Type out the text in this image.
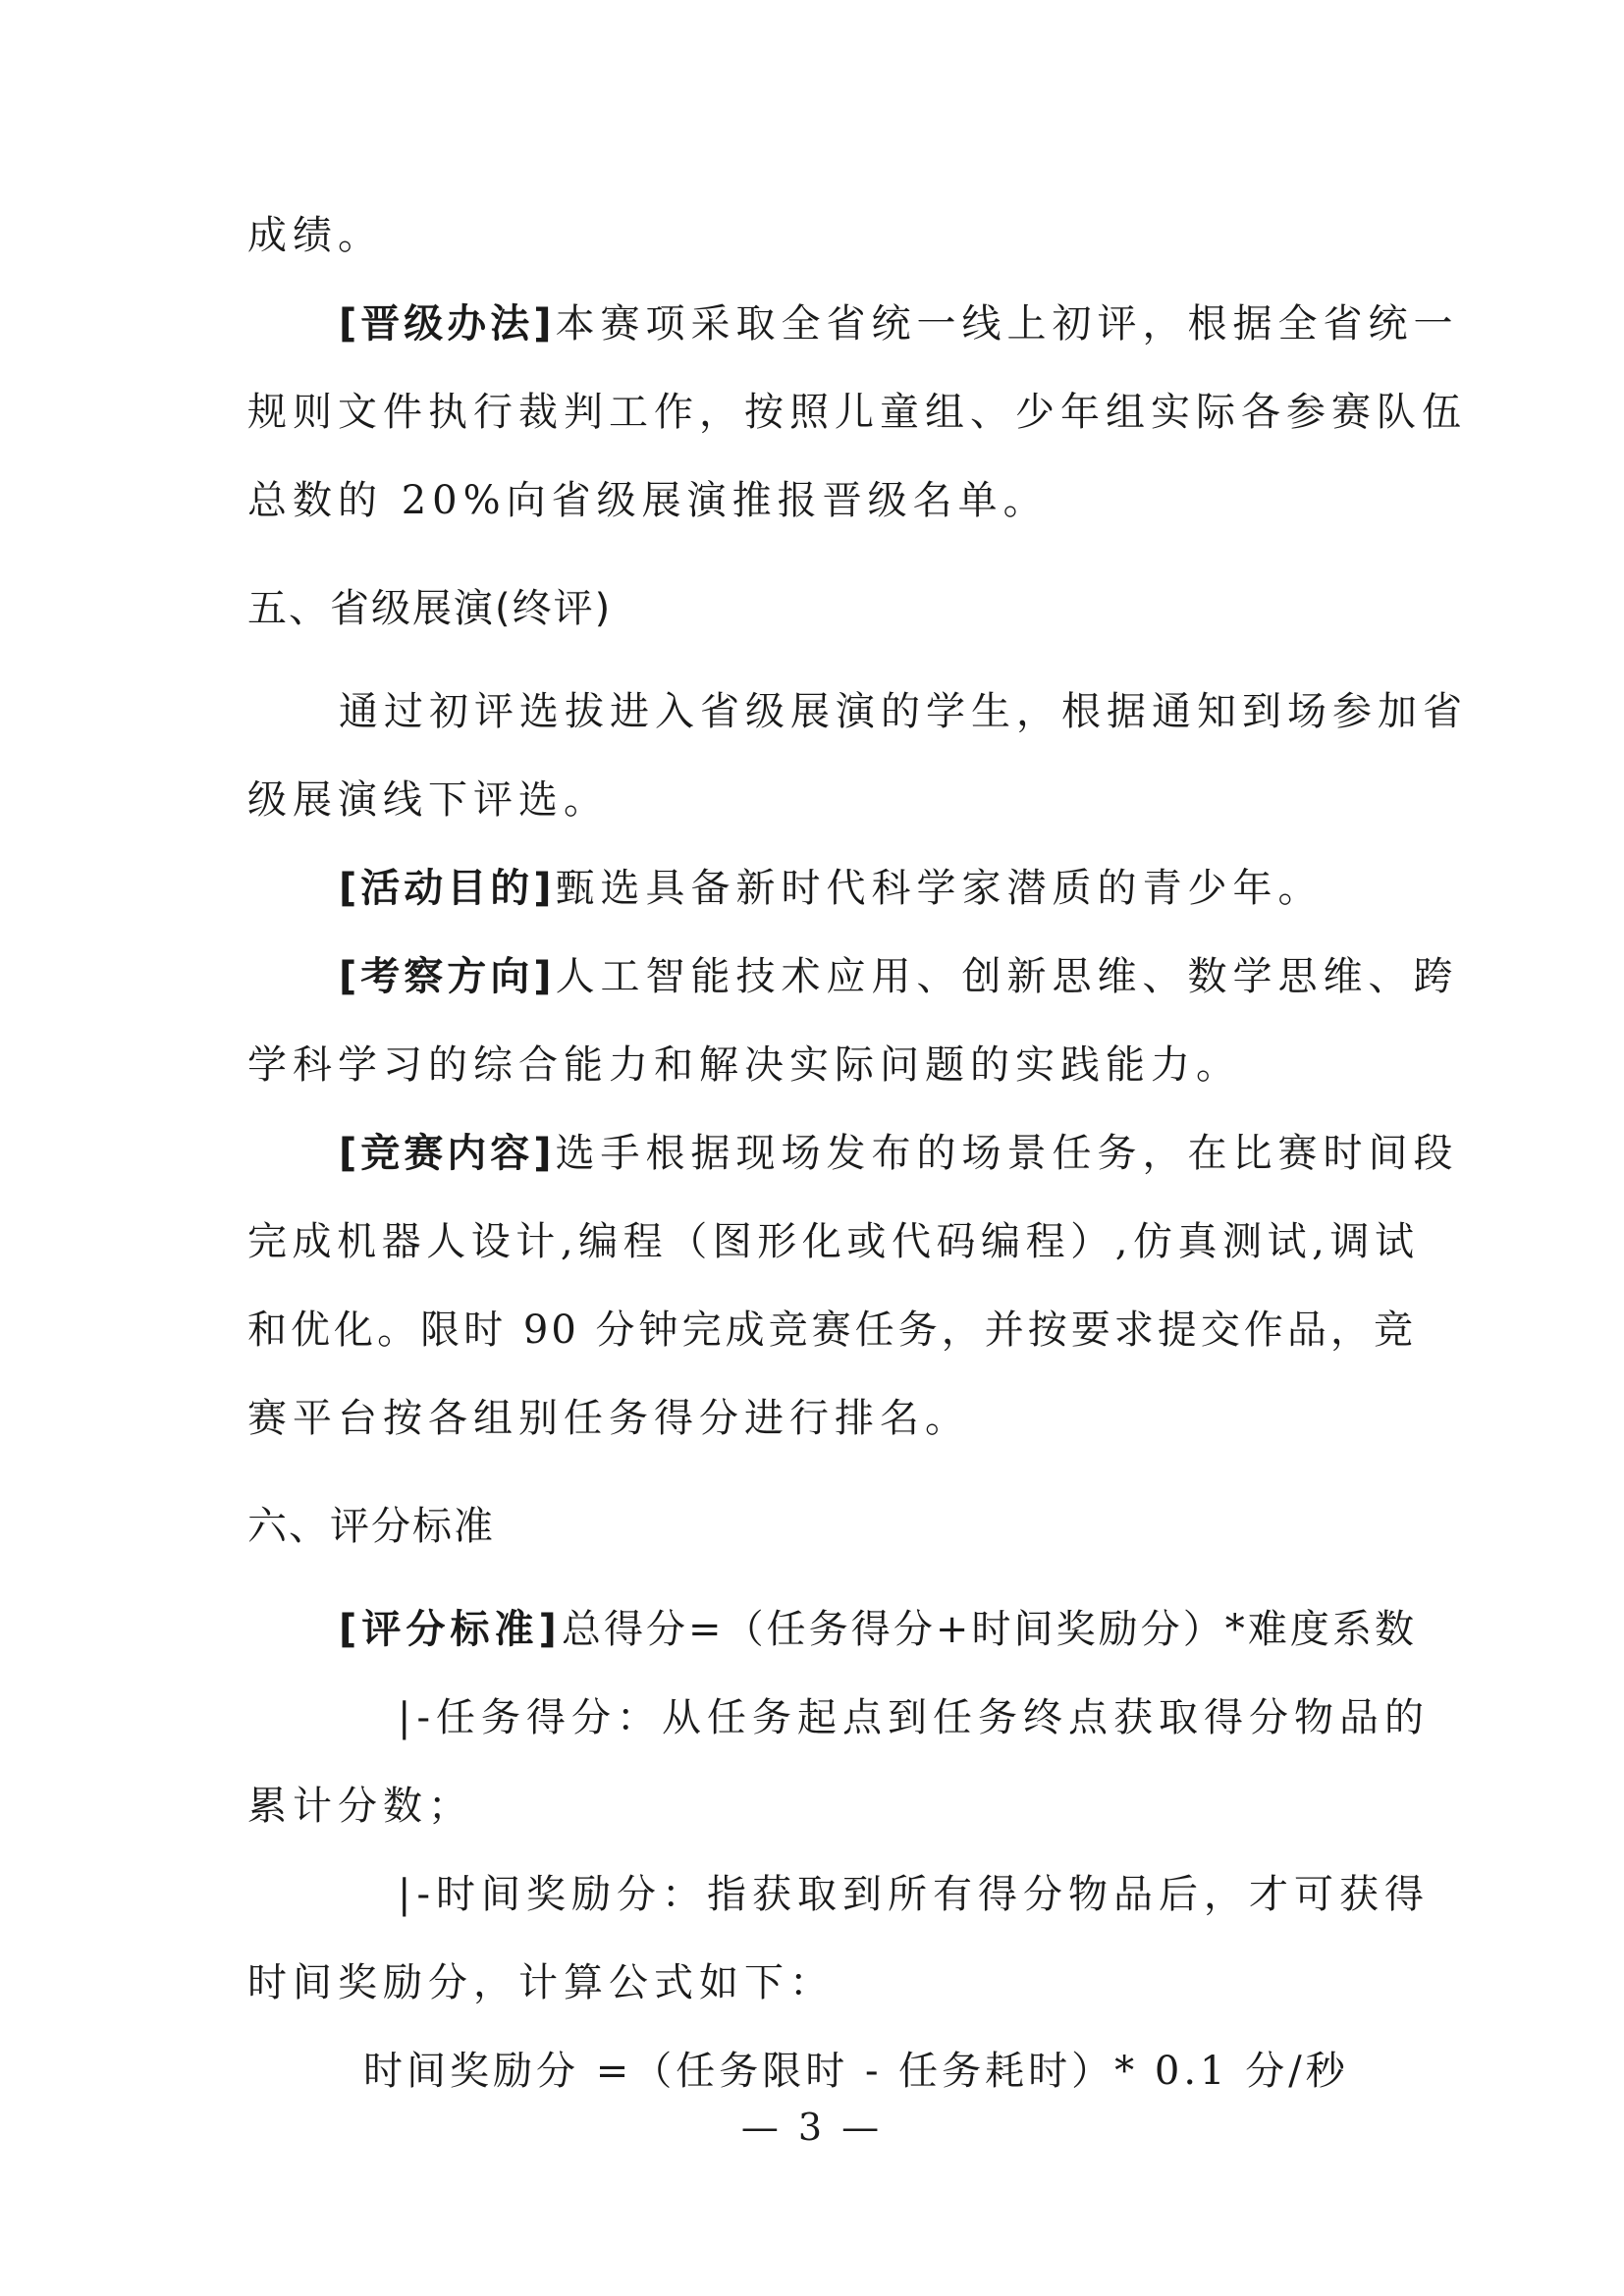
成绩。
[晋级办法]本赛项采取全省统一线上初评，根据全省统一
规则文件执行裁判工作，按照儿童组、少年组实际各参赛队伍
总数的 20%向省级展演推报晋级名单。
五、省级展演(终评)
通过初评选拔进入省级展演的学生，根据通知到场参加省
级展演线下评选。
[活动目的]甄选具备新时代科学家潜质的青少年。
[考察方向]人工智能技术应用、创新思维、数学思维、跨
学科学习的综合能力和解决实际问题的实践能力。
[竞赛内容]选手根据现场发布的场景任务，在比赛时间段
完成机器人设计,编程（图形化或代码编程）,仿真测试,调试
和优化。限时 90 分钟完成竞赛任务，并按要求提交作品，竞
赛平台按各组别任务得分进行排名。
六、评分标准
[评分标准]总得分=（任务得分+时间奖励分）*难度系数
|-任务得分：从任务起点到任务终点获取得分物品的
累计分数；
|-时间奖励分：指获取到所有得分物品后，才可获得
时间奖励分，计算公式如下：
时间奖励分 =（任务限时 - 任务耗时）* 0.1 分/秒
— 3 —
